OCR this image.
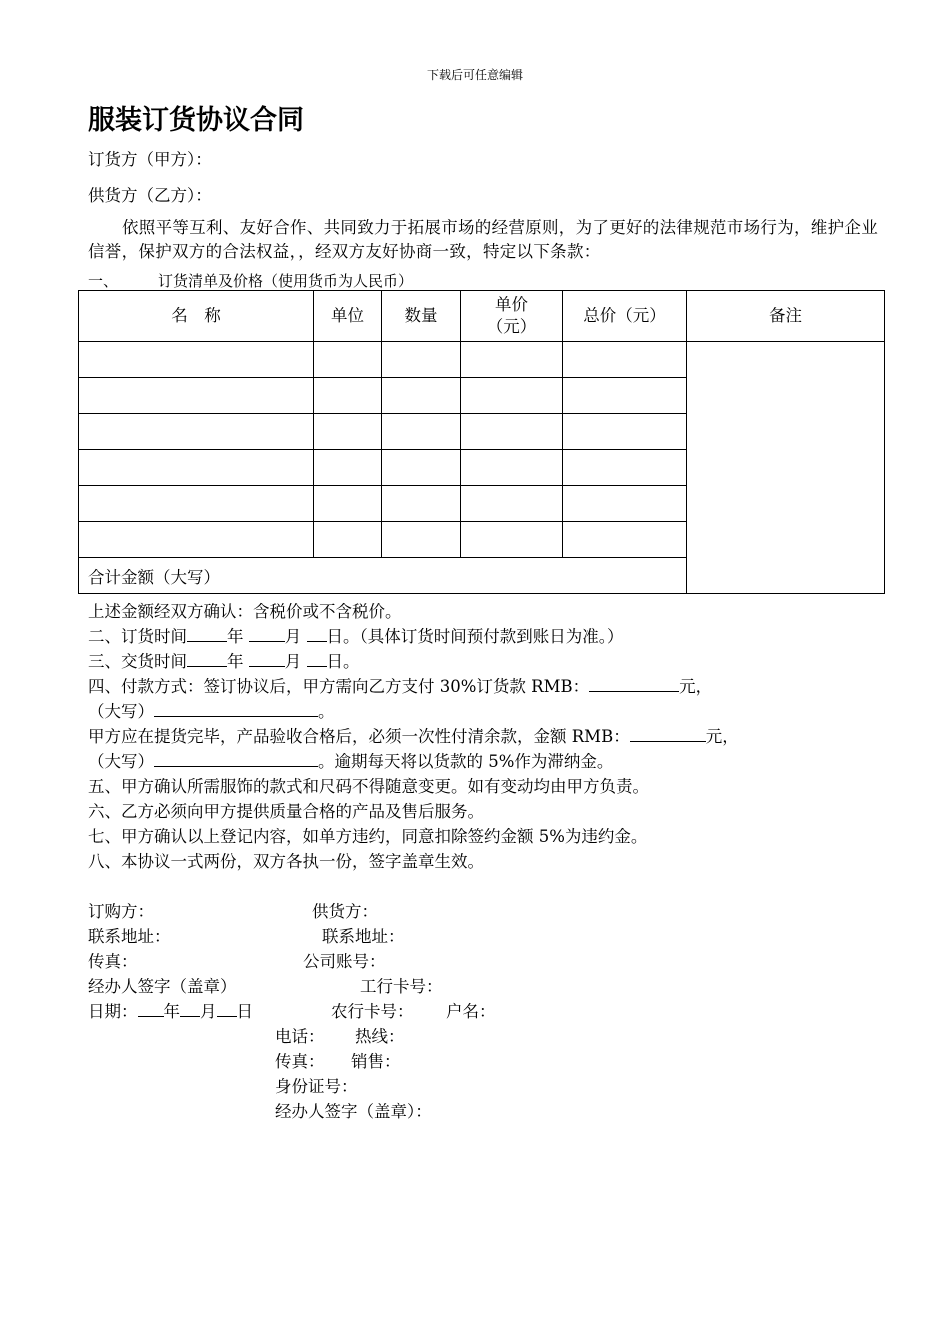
下载后可任意编辑
服装订货协议合同
订货方（甲方）：
供货方（乙方）：
依照平等互利、友好合作、共同致力于拓展市场的经营原则，为了更好的法律规范市场行为，维护企业信誉，保护双方的合法权益，，经双方友好协商一致，特定以下条款：
一、	订货清单及价格（使用货币为人民币）
名　称	单位	数量	单价（元）	总价（元）	备注

合计金额（大写）					
上述金额经双方确认：含税价或不含税价。
二、订货时间 年	月 日。（具体订货时间预付款到账日为准。）
三、交货时间 年	月 日。
四、付款方式：签订协议后，甲方需向乙方支付 30%订货款 RMB：	元，
（大写）	。
甲方应在提货完毕，产品验收合格后，必须一次性付清余款，金额 RMB：	元，
（大写）	。逾期每天将以货款的 5%作为滞纳金。
五、甲方确认所需服饰的款式和尺码不得随意变更。如有变动均由甲方负责。
六、乙方必须向甲方提供质量合格的产品及售后服务。
七、甲方确认以上登记内容，如单方违约，同意扣除签约金额 5%为违约金。
八、本协议一式两份，双方各执一份，签字盖章生效。
订购方：	供货方：
联系地址：	联系地址：
传真：	公司账号：
经办人签字（盖章）	工行卡号：
日期： 年 月 日	农行卡号： 户名：
电话： 热线：
传真： 销售：
身份证号：
经办人签字（盖章）：
